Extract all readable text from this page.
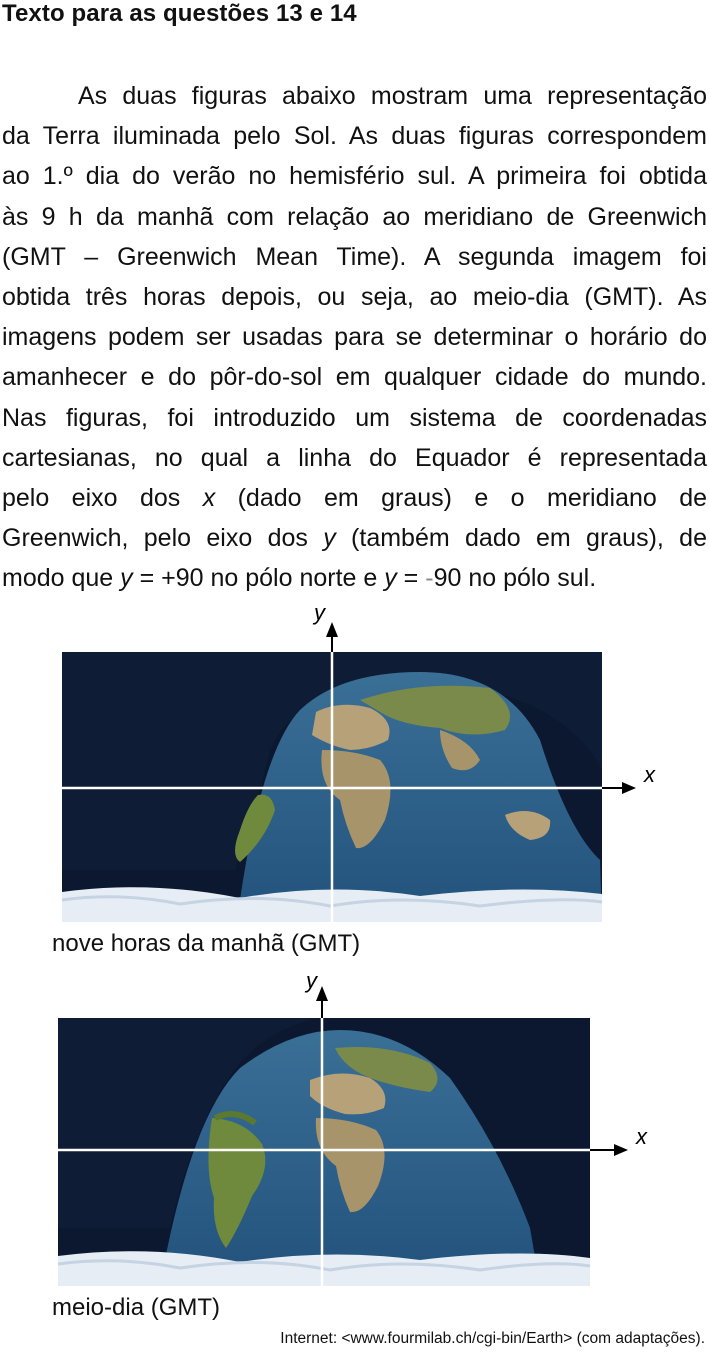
Texto para as questões 13 e 14
As duas figuras abaixo mostram uma representação
da Terra iluminada pelo Sol. As duas figuras correspondem
ao 1.º dia do verão no hemisfério sul. A primeira foi obtida
às 9 h da manhã com relação ao meridiano de Greenwich
(GMT – Greenwich Mean Time). A segunda imagem foi
obtida três horas depois, ou seja, ao meio-dia (GMT). As
imagens podem ser usadas para se determinar o horário do
amanhecer e do pôr-do-sol em qualquer cidade do mundo.
Nas figuras, foi introduzido um sistema de coordenadas
cartesianas, no qual a linha do Equador é representada
pelo eixo dos x (dado em graus) e o meridiano de
Greenwich, pelo eixo dos y (também dado em graus), de
modo que y = +90 no pólo norte e y = -90 no pólo sul.
x
y
nove horas da manhã (GMT)
x
y
meio-dia (GMT)
Internet: <www.fourmilab.ch/cgi-bin/Earth> (com adaptações).
